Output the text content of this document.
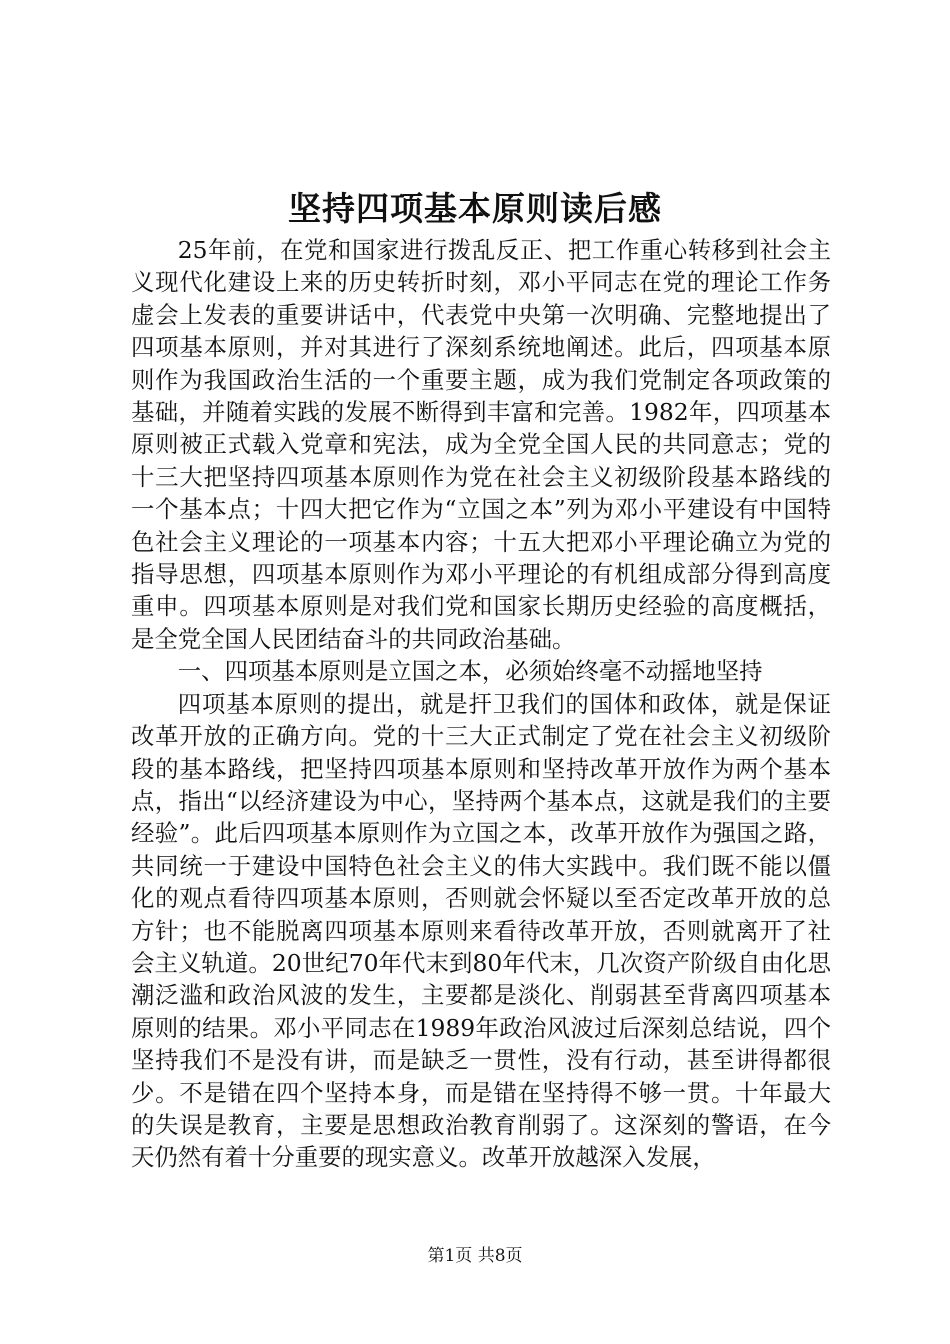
坚持四项基本原则读后感

25年前，在党和国家进行拨乱反正、把工作重心转移到社会主义现代化建设上来的历史转折时刻，邓小平同志在党的理论工作务虚会上发表的重要讲话中，代表党中央第一次明确、完整地提出了四项基本原则，并对其进行了深刻系统地阐述。此后，四项基本原则作为我国政治生活的一个重要主题，成为我们党制定各项政策的基础，并随着实践的发展不断得到丰富和完善。1982年，四项基本原则被正式载入党章和宪法，成为全党全国人民的共同意志；党的十三大把坚持四项基本原则作为党在社会主义初级阶段基本路线的一个基本点；十四大把它作为“立国之本”列为邓小平建设有中国特色社会主义理论的一项基本内容；十五大把邓小平理论确立为党的指导思想，四项基本原则作为邓小平理论的有机组成部分得到高度重申。四项基本原则是对我们党和国家长期历史经验的高度概括，是全党全国人民团结奋斗的共同政治基础。

一、四项基本原则是立国之本，必须始终毫不动摇地坚持

四项基本原则的提出，就是扞卫我们的国体和政体，就是保证改革开放的正确方向。党的十三大正式制定了党在社会主义初级阶段的基本路线，把坚持四项基本原则和坚持改革开放作为两个基本点，指出“以经济建设为中心，坚持两个基本点，这就是我们的主要经验”。此后四项基本原则作为立国之本，改革开放作为强国之路，共同统一于建设中国特色社会主义的伟大实践中。我们既不能以僵化的观点看待四项基本原则，否则就会怀疑以至否定改革开放的总方针；也不能脱离四项基本原则来看待改革开放，否则就离开了社会主义轨道。20世纪70年代末到80年代末，几次资产阶级自由化思潮泛滥和政治风波的发生，主要都是淡化、削弱甚至背离四项基本原则的结果。邓小平同志在1989年政治风波过后深刻总结说，四个坚持我们不是没有讲，而是缺乏一贯性，没有行动，甚至讲得都很少。不是错在四个坚持本身，而是错在坚持得不够一贯。十年最大的失误是教育，主要是思想政治教育削弱了。这深刻的警语，在今天仍然有着十分重要的现实意义。改革开放越深入发展，

第1页 共8页
